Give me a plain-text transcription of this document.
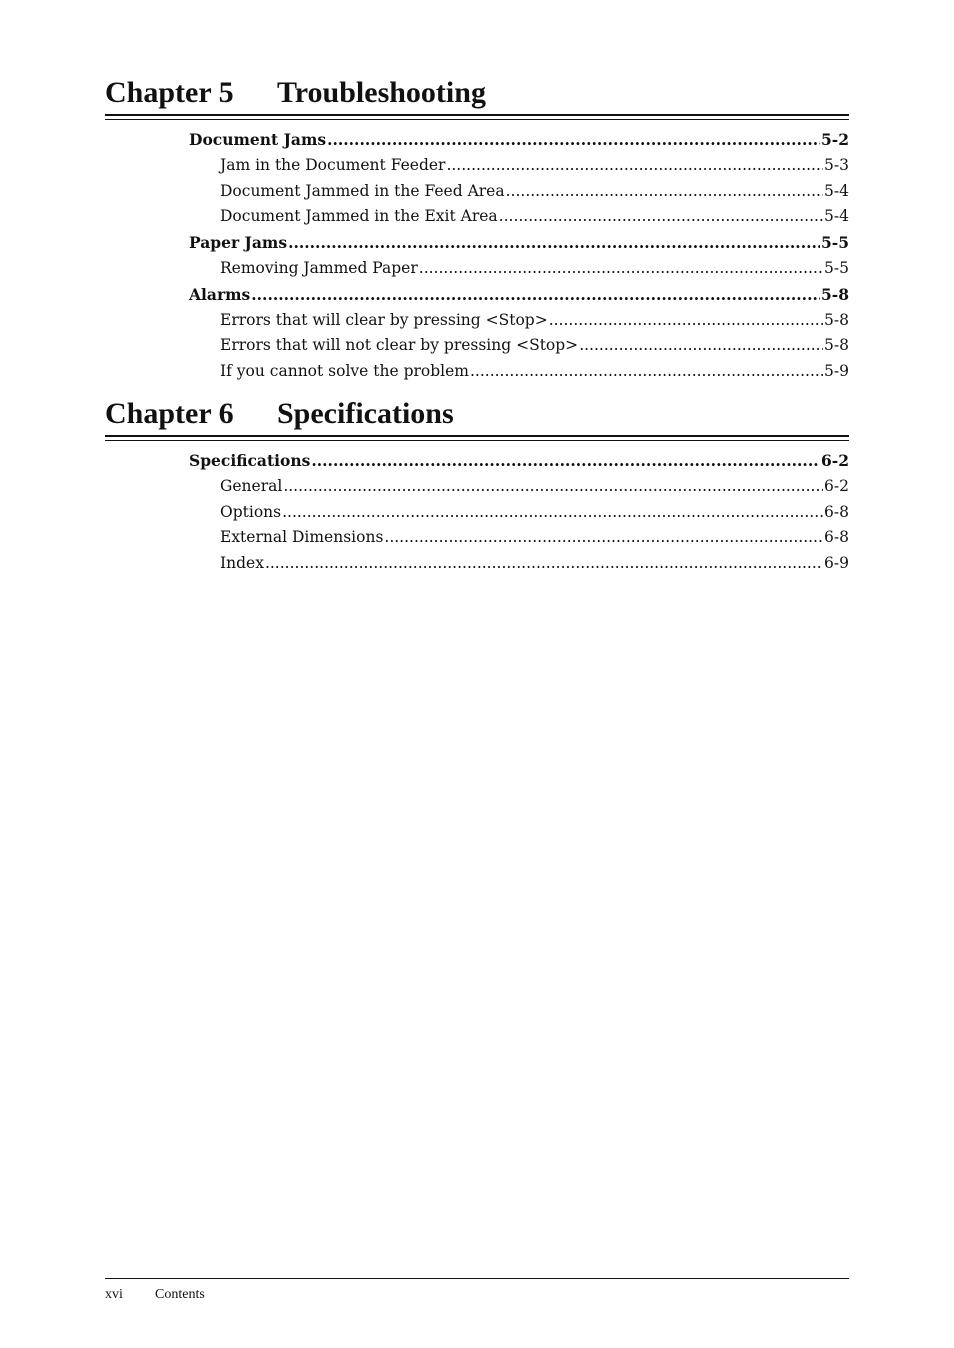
Chapter 5 Troubleshooting
Document Jams .....	5-2
Jam in the Document Feeder .....	5-3
Document Jammed in the Feed Area .....	5-4
Document Jammed in the Exit Area .....	5-4
Paper Jams .....	5-5
Removing Jammed Paper .....	5-5
Alarms .....	5-8
Errors that will clear by pressing <Stop> .....	5-8
Errors that will not clear by pressing <Stop> .....	5-8
If you cannot solve the problem .....	5-9
Chapter 6 Specifications
Specifications .....	6-2
General .....	6-2
Options .....	6-8
External Dimensions .....	6-8
Index .....	6-9
xvi Contents
